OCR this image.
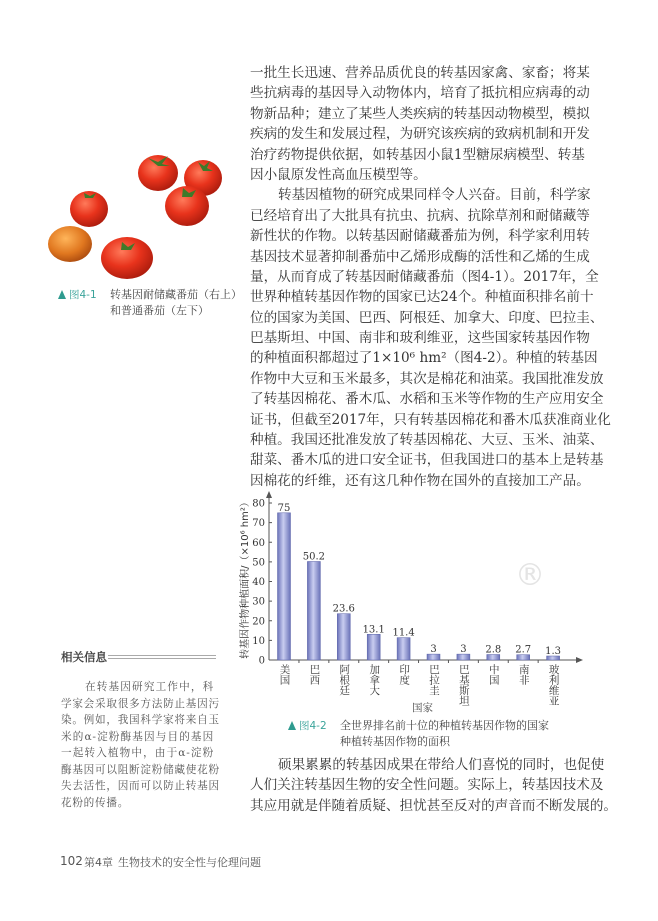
一批生长迅速、营养品质优良的转基因家禽、家畜；将某
些抗病毒的基因导入动物体内，培育了抵抗相应病毒的动
物新品种；建立了某些人类疾病的转基因动物模型，模拟
疾病的发生和发展过程，为研究该疾病的致病机制和开发
治疗药物提供依据，如转基因小鼠1型糖尿病模型、转基
因小鼠原发性高血压模型等。
转基因植物的研究成果同样令人兴奋。目前，科学家
已经培育出了大批具有抗虫、抗病、抗除草剂和耐储藏等
新性状的作物。以转基因耐储藏番茄为例，科学家利用转
基因技术显著抑制番茄中乙烯形成酶的活性和乙烯的生成
量，从而育成了转基因耐储藏番茄（图4-1）。2017年，全
世界种植转基因作物的国家已达24个。种植面积排名前十
位的国家为美国、巴西、阿根廷、加拿大、印度、巴拉圭、
巴基斯坦、中国、南非和玻利维亚，这些国家转基因作物
的种植面积都超过了1×10⁶ hm²（图4-2）。种植的转基因
作物中大豆和玉米最多，其次是棉花和油菜。我国批准发放
了转基因棉花、番木瓜、水稻和玉米等作物的生产应用安全
证书，但截至2017年，只有转基因棉花和番木瓜获准商业化
种植。我国还批准发放了转基因棉花、大豆、玉米、油菜、
甜菜、番木瓜的进口安全证书，但我国进口的基本上是转基
因棉花的纤维，还有这几种作物在国外的直接加工产品。
硕果累累的转基因成果在带给人们喜悦的同时，也促使
人们关注转基因生物的安全性问题。实际上，转基因技术及
其应用就是伴随着质疑、担忧甚至反对的声音而不断发展的。
图4-1 转基因耐储藏番茄（右上）
和普通番茄（左下）
相关信息
在转基因研究工作中，科
学家会采取很多方法防止基因污
染。例如，我国科学家将来自玉
米的α-淀粉酶基因与目的基因
一起转入植物中，由于α-淀粉
酶基因可以阻断淀粉储藏使花粉
失去活性，因而可以防止转基因
花粉的传播。
®
0
10
20
30
40
50
60
70
80 75
50.2
23.6
13.1 11.4
3 3 2.8 2.7 1.3
转基因作物种植面积/（×10⁶ hm²）
国家
图4-2 全世界排名前十位的种植转基因作物的国家
种植转基因作物的面积
102 第4章 生物技术的安全性与伦理问题
美国 巴西 阿根廷 加拿大 印度 巴拉圭 巴基斯坦 中国 南非 玻利维亚
